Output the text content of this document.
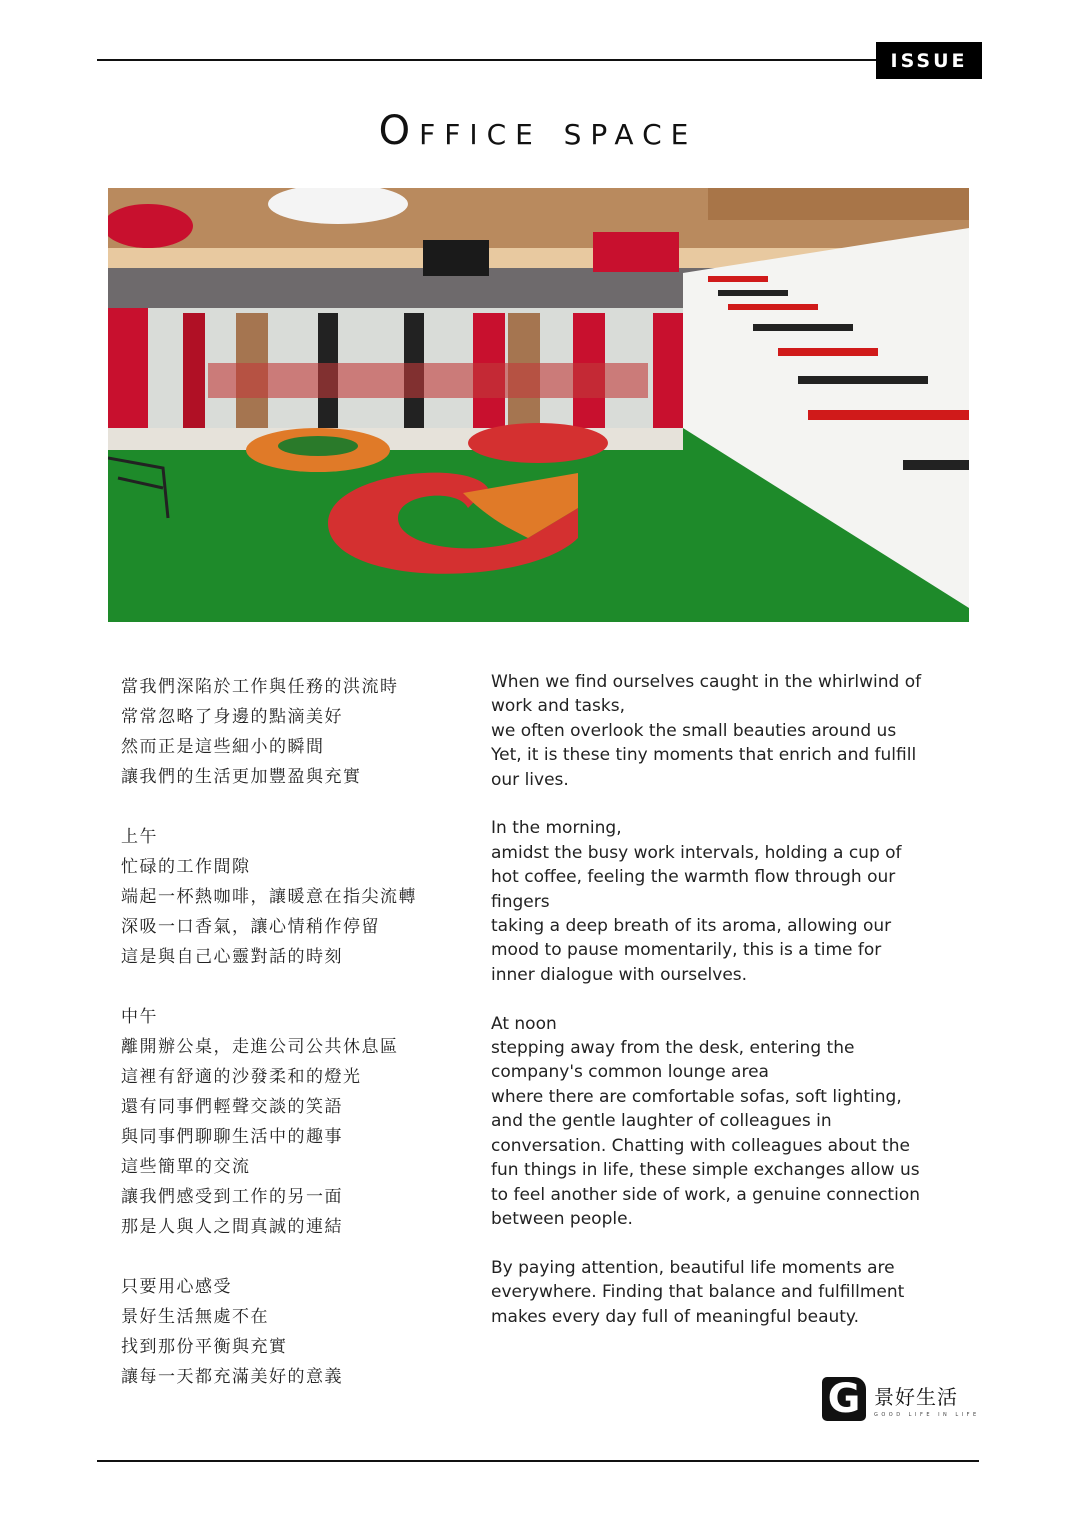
ISSUE
Office space
當我們深陷於工作與任務的洪流時
常常忽略了身邊的點滴美好
然而正是這些細小的瞬間
讓我們的生活更加豐盈與充實
上午
忙碌的工作間隙
端起一杯熱咖啡，讓暖意在指尖流轉
深吸一口香氣，讓心情稍作停留
這是與自己心靈對話的時刻
中午
離開辦公桌，走進公司公共休息區
這裡有舒適的沙發柔和的燈光
還有同事們輕聲交談的笑語
與同事們聊聊生活中的趣事
這些簡單的交流
讓我們感受到工作的另一面
那是人與人之間真誠的連結
只要用心感受
景好生活無處不在
找到那份平衡與充實
讓每一天都充滿美好的意義
When we find ourselves caught in the whirlwind of
work and tasks,
we often overlook the small beauties around us
Yet, it is these tiny moments that enrich and fulfill
our lives.
In the morning,
amidst the busy work intervals, holding a cup of
hot coffee, feeling the warmth flow through our
fingers
taking a deep breath of its aroma, allowing our
mood to pause momentarily, this is a time for
inner dialogue with ourselves.
At noon
stepping away from the desk, entering the
company's common lounge area
where there are comfortable sofas, soft lighting,
and the gentle laughter of colleagues in
conversation. Chatting with colleagues about the
fun things in life, these simple exchanges allow us
to feel another side of work, a genuine connection
between people.
By paying attention, beautiful life moments are
everywhere. Finding that balance and fulfillment
makes every day full of meaningful beauty.
G 景好生活
GOOD LIFE IN LIFE
